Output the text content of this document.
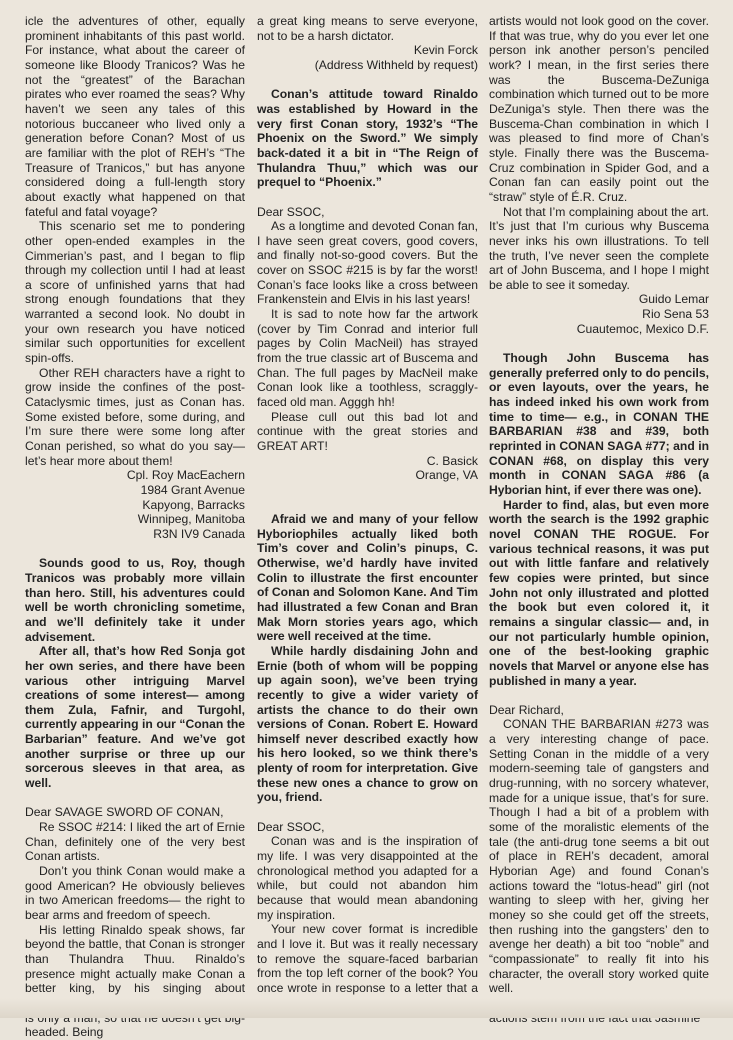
icle the adventures of other, equally prominent inhabitants of this past world. For instance, what about the career of someone like Bloody Tranicos? Was he not the “greatest” of the Barachan pirates who ever roamed the seas? Why haven’t we seen any tales of this notorious buccaneer who lived only a generation before Conan? Most of us are familiar with the plot of REH’s “The Treasure of Tranicos,” but has anyone considered doing a full-length story about exactly what happened on that fateful and fatal voyage?

This scenario set me to pondering other open-ended examples in the Cimmerian’s past, and I began to flip through my collection until I had at least a score of unfinished yarns that had strong enough foundations that they warranted a second look. No doubt in your own research you have noticed similar such opportunities for excellent spin-offs.

Other REH characters have a right to grow inside the confines of the post-Cataclysmic times, just as Conan has. Some existed before, some during, and I’m sure there were some long after Conan perished, so what do you say— let’s hear more about them!

Cpl. Roy MacEachern

1984 Grant Avenue

Kapyong, Barracks

Winnipeg, Manitoba

R3N IV9 Canada

Sounds good to us, Roy, though Tranicos was probably more villain than hero. Still, his adventures could well be worth chronicling sometime, and we’ll definitely take it under advisement.

After all, that’s how Red Sonja got her own series, and there have been various other intriguing Marvel creations of some interest— among them Zula, Fafnir, and Turgohl, currently appearing in our “Conan the Barbarian” feature. And we’ve got another surprise or three up our sorcerous sleeves in that area, as well.

Dear SAVAGE SWORD OF CONAN,

Re SSOC #214: I liked the art of Ernie Chan, definitely one of the very best Conan artists.

Don’t you think Conan would make a good American? He obviously believes in two American freedoms— the right to bear arms and freedom of speech.

His letting Rinaldo speak shows, far beyond the battle, that Conan is stronger than Thulandra Thuu. Rinaldo’s presence might actually make Conan a better king, by his singing about headed. Being

a great king means to serve everyone, not to be a harsh dictator.

Kevin Forck

(Address Withheld by request)

Conan’s attitude toward Rinaldo was established by Howard in the very first Conan story, 1932’s “The Phoenix on the Sword.” We simply back-dated it a bit in “The Reign of Thulandra Thuu,” which was our prequel to “Phoenix.”

Dear SSOC,

As a longtime and devoted Conan fan, I have seen great covers, good covers, and finally not-so-good covers. But the cover on SSOC #215 is by far the worst! Conan’s face looks like a cross between Frankenstein and Elvis in his last years!

It is sad to note how far the artwork (cover by Tim Conrad and interior full pages by Colin MacNeil) has strayed from the true classic art of Buscema and Chan. The full pages by MacNeil make Conan look like a toothless, scraggly-faced old man. Agggh hh!

Please cull out this bad lot and continue with the great stories and GREAT ART!

C. Basick

Orange, VA

Afraid we and many of your fellow Hyboriophiles actually liked both Tim’s cover and Colin’s pinups, C. Otherwise, we’d hardly have invited Colin to illustrate the first encounter of Conan and Solomon Kane. And Tim had illustrated a few Conan and Bran Mak Morn stories years ago, which were well received at the time.

While hardly disdaining John and Ernie (both of whom will be popping up again soon), we’ve been trying recently to give a wider variety of artists the chance to do their own versions of Conan. Robert E. Howard himself never described exactly how his hero looked, so we think there’s plenty of room for interpretation. Give these new ones a chance to grow on you, friend.

Dear SSOC,

Conan was and is the inspiration of my life. I was very disappointed at the chronological method you adapted for a while, but could not abandon him because that would mean abandoning my inspiration.

Your new cover format is incredible and I love it. But was it really necessary to remove the square-faced barbarian from the top left corner of the book? You once wrote in response to a letter that a

artists would not look good on the cover. If that was true, why do you ever let one person ink another person’s penciled work? I mean, in the first series there was the Buscema-DeZuniga combination which turned out to be more DeZuniga’s style. Then there was the Buscema-Chan combination in which I was pleased to find more of Chan’s style. Finally there was the Buscema-Cruz combination in Spider God, and a Conan fan can easily point out the “straw” style of É.R. Cruz.

Not that I’m complaining about the art. It’s just that I’m curious why Buscema never inks his own illustrations. To tell the truth, I’ve never seen the complete art of John Buscema, and I hope I might be able to see it someday.

Guido Lemar

Rio Sena 53

Cuautemoc, Mexico D.F.

Though John Buscema has generally preferred only to do pencils, or even layouts, over the years, he has indeed inked his own work from time to time— e.g., in CONAN THE BARBARIAN #38 and #39, both reprinted in CONAN SAGA #77; and in CONAN #68, on display this very month in CONAN SAGA #86 (a Hyborian hint, if ever there was one).

Harder to find, alas, but even more worth the search is the 1992 graphic novel CONAN THE ROGUE. For various technical reasons, it was put out with little fanfare and relatively few copies were printed, but since John not only illustrated and plotted the book but even colored it, it remains a singular classic— and, in our not particularly humble opinion, one of the best-looking graphic novels that Marvel or anyone else has published in many a year.

Dear Richard,

CONAN THE BARBARIAN #273 was a very interesting change of pace. Setting Conan in the middle of a very modern-seeming tale of gangsters and drug-running, with no sorcery whatever, made for a unique issue, that’s for sure. Though I had a bit of a problem with some of the moralistic elements of the tale (the anti-drug tone seems a bit out of place in REH’s decadent, amoral Hyborian Age) and found Conan’s actions toward the “lotus-head” girl (not wanting to sleep with her, giving her money so she could get off the streets, then rushing into the gangsters’ den to avenge her death) a bit too “noble” and “compassionate” to really fit into his character, the overall story worked quite well.
